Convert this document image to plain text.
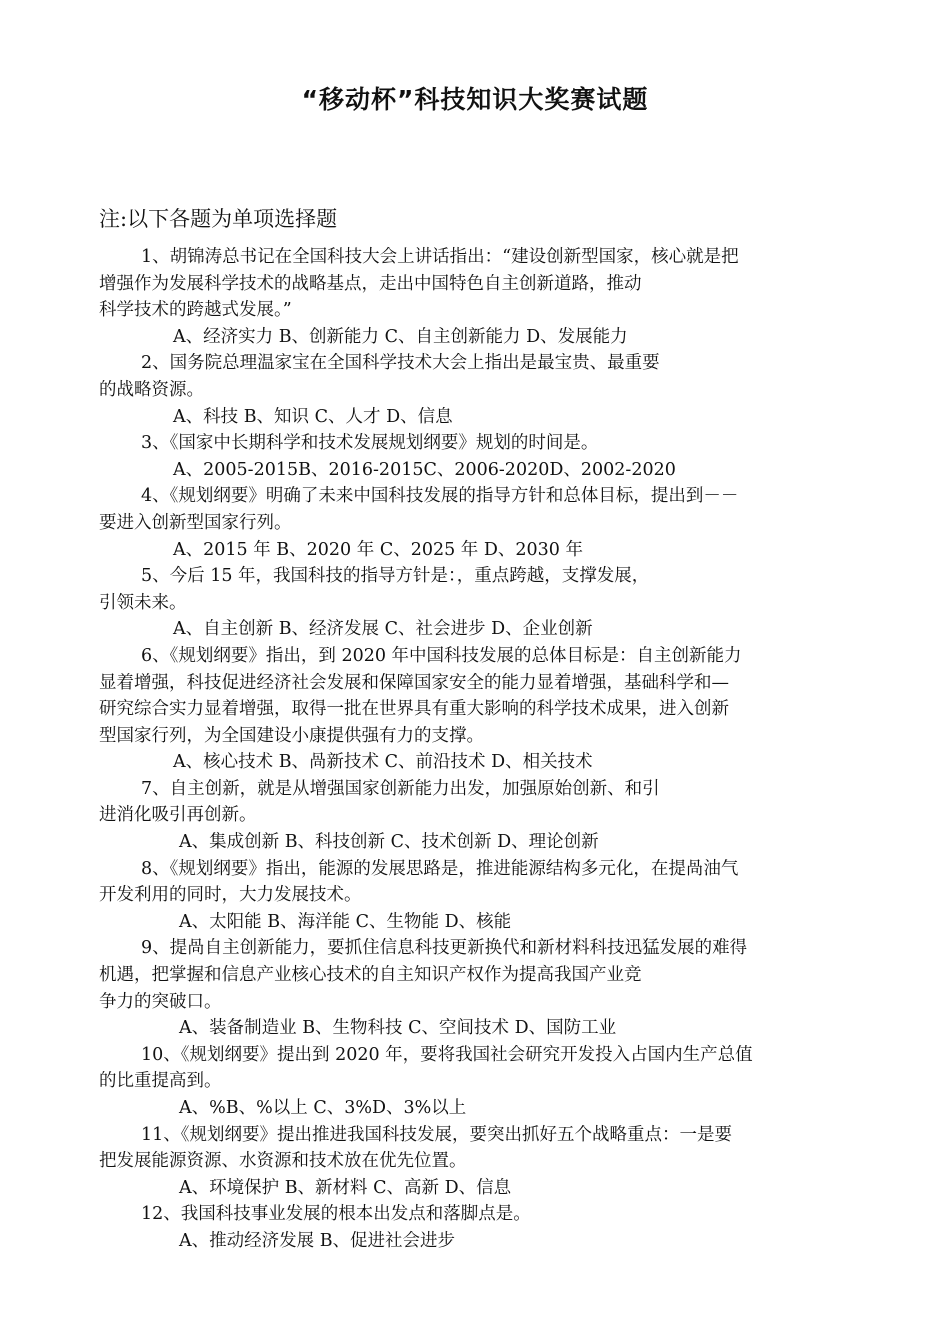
“移动杯”科技知识大奖赛试题
注:以下各题为单项选择题

1、胡锦涛总书记在全国科技大会上讲话指出：“建设创新型国家，核心就是把

增强作为发展科学技术的战略基点，走出中国特色自主创新道路，推动

科学技术的跨越式发展。”

A、经济实力 B、创新能力 C、自主创新能力 D、发展能力

2、国务院总理温家宝在全国科学技术大会上指出是最宝贵、最重要

的战略资源。

A、科技 B、知识 C、人才 D、信息

3、《国家中长期科学和技术发展规划纲要》规划的时间是。

A、2005-2015B、2016-2015C、2006-2020D、2002-2020

4、《规划纲要》明确了未来中国科技发展的指导方针和总体目标，提出到－－

要进入创新型国家行列。

A、2015 年 B、2020 年 C、2025 年 D、2030 年

5、今后 15 年，我国科技的指导方针是：，重点跨越，支撑发展，

引领未来。

A、自主创新 B、经济发展 C、社会进步 D、企业创新

6、《规划纲要》指出，到 2020 年中国科技发展的总体目标是：自主创新能力

显着增强，科技促进经济社会发展和保障国家安全的能力显着增强，基础科学和—

研究综合实力显着增强，取得一批在世界具有重大影响的科学技术成果，进入创新

型国家行列，为全国建设小康提供强有力的支撑。

A、核心技术 B、咼新技术 C、前沿技术 D、相关技术

7、自主创新，就是从增强国家创新能力出发，加强原始创新、和引

进消化吸引再创新。

A、集成创新 B、科技创新 C、技术创新 D、理论创新

8、《规划纲要》指出，能源的发展思路是，推进能源结构多元化，在提咼油气

开发利用的同时，大力发展技术。

A、太阳能 B、海洋能 C、生物能 D、核能

9、提咼自主创新能力，要抓住信息科技更新换代和新材料科技迅猛发展的难得

机遇，把掌握和信息产业核心技术的自主知识产权作为提高我国产业竞

争力的突破口。

A、装备制造业 B、生物科技 C、空间技术 D、国防工业

10、《规划纲要》提出到 2020 年，要将我国社会研究开发投入占国内生产总值

的比重提高到。

A、%B、%以上 C、3%D、3%以上

11、《规划纲要》提出推进我国科技发展，要突出抓好五个战略重点：一是要

把发展能源资源、水资源和技术放在优先位置。

A、环境保护 B、新材料 C、高新 D、信息

12、我国科技事业发展的根本出发点和落脚点是。

A、推动经济发展 B、促进社会进步
